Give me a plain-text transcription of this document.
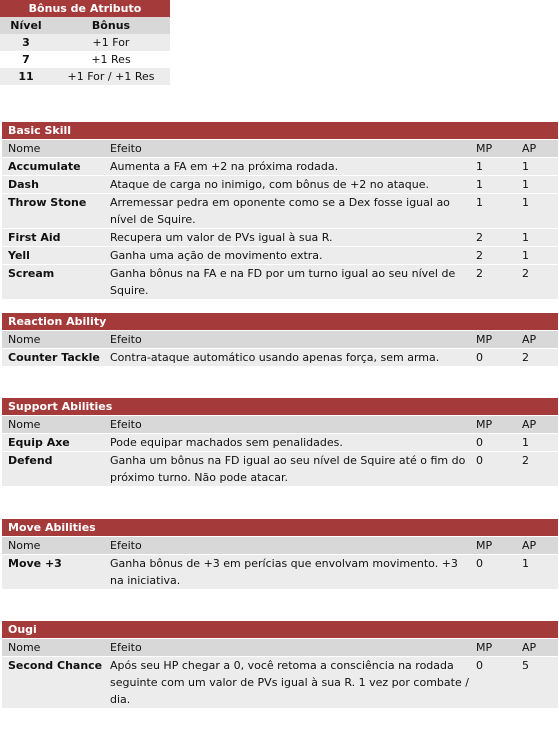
Bônus de Atributo	
Nível	Bônus
3	+1 For
7	+1 Res
11	+1 For / +1 Res
Basic Skill			
Nome	Efeito	MP	AP
Accumulate	Aumenta a FA em +2 na próxima rodada.	1	1
Dash	Ataque de carga no inimigo, com bônus de +2 no ataque.	1	1
Throw Stone	Arremessar pedra em oponente como se a Dex fosse igual ao nível de Squire.	1	1
First Aid	Recupera um valor de PVs igual à sua R.	2	1
Yell	Ganha uma ação de movimento extra.	2	1
Scream	Ganha bônus na FA e na FD por um turno igual ao seu nível de Squire.	2	2
Reaction Ability			
Nome	Efeito	MP	AP
Counter Tackle	Contra-ataque automático usando apenas força, sem arma.	0	2
Support Abilities			
Nome	Efeito	MP	AP
Equip Axe	Pode equipar machados sem penalidades.	0	1
Defend	Ganha um bônus na FD igual ao seu nível de Squire até o fim do próximo turno. Não pode atacar.	0	2
Move Abilities			
Nome	Efeito	MP	AP
Move +3	Ganha bônus de +3 em perícias que envolvam movimento. +3 na iniciativa.	0	1
Ougi			
Nome	Efeito	MP	AP
Second Chance	Após seu HP chegar a 0, você retoma a consciência na rodada seguinte com um valor de PVs igual à sua R. 1 vez por combate / dia.	0	5
